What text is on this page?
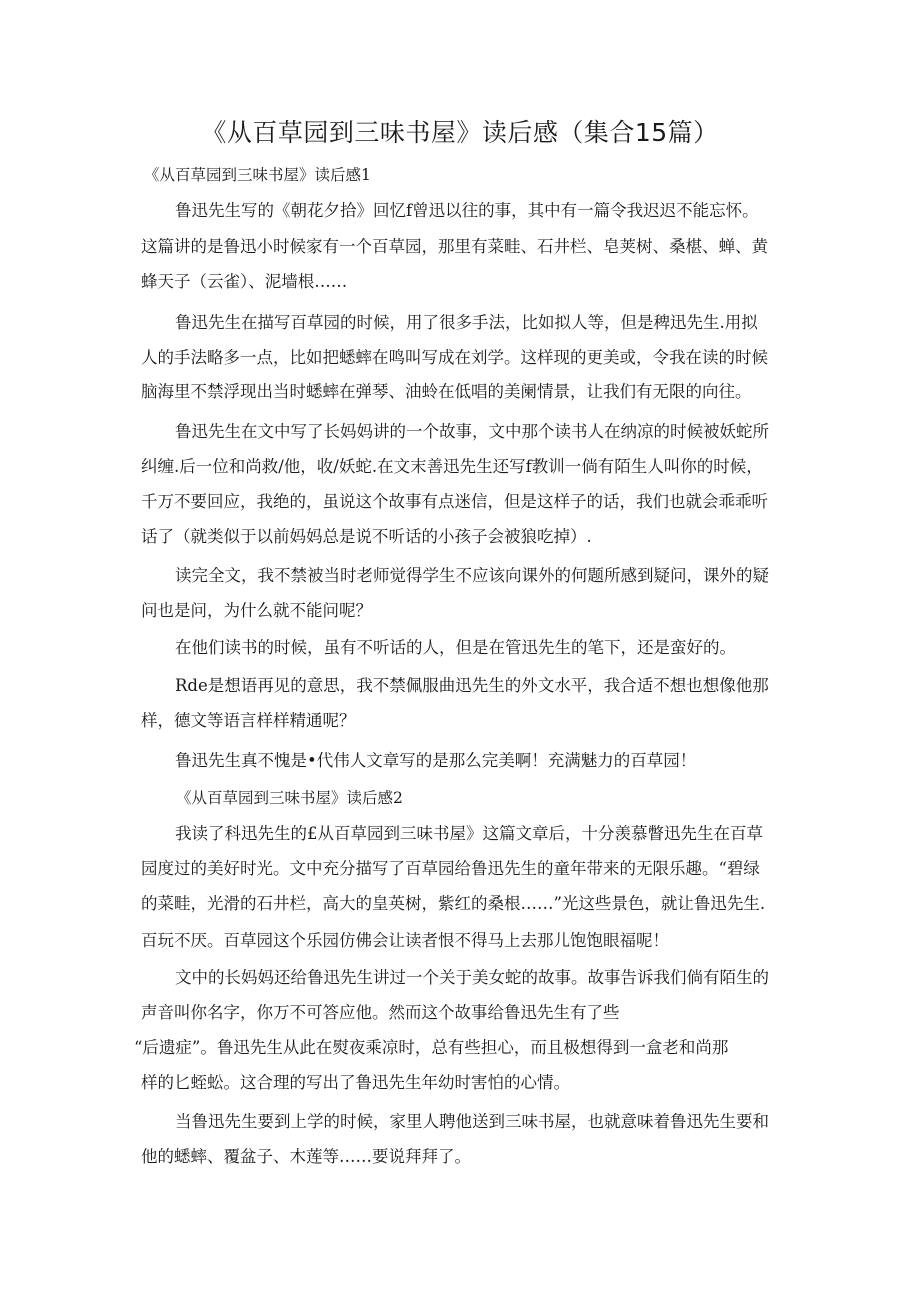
《从百草园到三味书屋》读后感（集合15篇）
《从百草园到三味书屋》读后感1
鲁迅先生写的《朝花夕拾》回忆f曾迅以往的事，其中有一篇令我迟迟不能忘怀。
这篇讲的是鲁迅小时候家有一个百草园，那里有菜畦、石井栏、皂荚树、桑椹、蝉、黄
蜂天子（云雀）、泥墙根……
鲁迅先生在描写百草园的时候，用了很多手法，比如拟人等，但是稗迅先生.用拟
人的手法略多一点，比如把蟋蟀在鸣叫写成在刘学。这样现的更美或，令我在读的时候
脑海里不禁浮现出当时蟋蟀在弹琴、油蛉在低唱的美阑情景，让我们有无限的向往。
鲁迅先生在文中写了长妈妈讲的一个故事，文中那个读书人在纳凉的时候被妖蛇所
纠缠.后一位和尚救/他，收/妖蛇.在文末善迅先生还写f教训一倘有陌生人叫你的时候，
千万不要回应，我绝的，虽说这个故事有点迷信，但是这样子的话，我们也就会乖乖听
话了（就类似于以前妈妈总是说不听话的小孩子会被狼吃掉）.
读完全文，我不禁被当时老师觉得学生不应该向课外的何题所感到疑问，课外的疑
问也是问，为什么就不能问呢？
在他们读书的时候，虽有不听话的人，但是在管迅先生的笔下，还是蛮好的。
Rde是想语再见的意思，我不禁佩服曲迅先生的外文水平，我合适不想也想像他那
样，德文等语言样样精通呢？
鲁迅先生真不愧是•代伟人文章写的是那么完美啊！充满魅力的百草园！
《从百草园到三味书屋》读后感2
我读了科迅先生的£从百草园到三味书屋》这篇文章后，十分羡慕瞥迅先生在百草
园度过的美好时光。文中充分描写了百草园给鲁迅先生的童年带来的无限乐趣。“碧绿
的菜畦，光滑的石井栏，高大的皇英树，紫红的桑根……”光这些景色，就让鲁迅先生.
百玩不厌。百草园这个乐园仿佛会让读者恨不得马上去那儿饱饱眼福呢！
文中的长妈妈还给鲁迅先生讲过一个关于美女蛇的故事。故事告诉我们倘有陌生的
声音叫你名字，你万不可答应他。然而这个故事给鲁迅先生有了些
“后遗症”。鲁迅先生从此在熨夜乘凉时，总有些担心，而且极想得到一盒老和尚那
样的匕蛭蚣。这合理的写出了鲁迅先生年幼时害怕的心情。
当鲁迅先生要到上学的时候，家里人聘他送到三味书屋，也就意味着鲁迅先生要和
他的蟋蟀、覆盆子、木莲等……要说拜拜了。
